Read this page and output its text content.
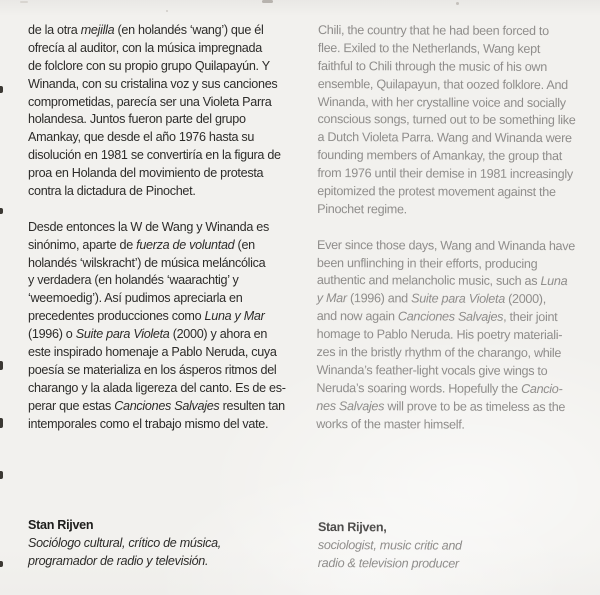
de la otra mejilla (en holandés ‘wang’) que él
ofrecía al auditor, con la música impregnada
de folclore con su propio grupo Quilapayún. Y
Winanda, con su cristalina voz y sus canciones
comprometidas, parecía ser una Violeta Parra
holandesa. Juntos fueron parte del grupo
Amankay, que desde el año 1976 hasta su
disolución en 1981 se convertiría en la figura de
proa en Holanda del movimiento de protesta
contra la dictadura de Pinochet.
Desde entonces la W de Wang y Winanda es
sinónimo, aparte de fuerza de voluntad (en
holandés ‘wilskracht’) de música meláncólica
y verdadera (en holandés ‘waarachtig’ y
‘weemoedig’). Así pudimos apreciarla en
precedentes producciones como Luna y Mar
(1996) o Suite para Violeta (2000) y ahora en
este inspirado homenaje a Pablo Neruda, cuya
poesía se materializa en los ásperos ritmos del
charango y la alada ligereza del canto. Es de es-
perar que estas Canciones Salvajes resulten tan
intemporales como el trabajo mismo del vate.
Chili, the country that he had been forced to
flee. Exiled to the Netherlands, Wang kept
faithful to Chili through the music of his own
ensemble, Quilapayun, that oozed folklore. And
Winanda, with her crystalline voice and socially
conscious songs, turned out to be something like
a Dutch Violeta Parra. Wang and Winanda were
founding members of Amankay, the group that
from 1976 until their demise in 1981 increasingly
epitomized the protest movement against the
Pinochet regime.
Ever since those days, Wang and Winanda have
been unflinching in their efforts, producing
authentic and melancholic music, such as Luna
y Mar (1996) and Suite para Violeta (2000),
and now again Canciones Salvajes, their joint
homage to Pablo Neruda. His poetry materiali-
zes in the bristly rhythm of the charango, while
Winanda’s feather-light vocals give wings to
Neruda’s soaring words. Hopefully the Cancio-
nes Salvajes will prove to be as timeless as the
works of the master himself.
Stan Rijven
Sociólogo cultural, crítico de música,
programador de radio y televisión.
Stan Rijven,
sociologist, music critic and
radio & television producer
